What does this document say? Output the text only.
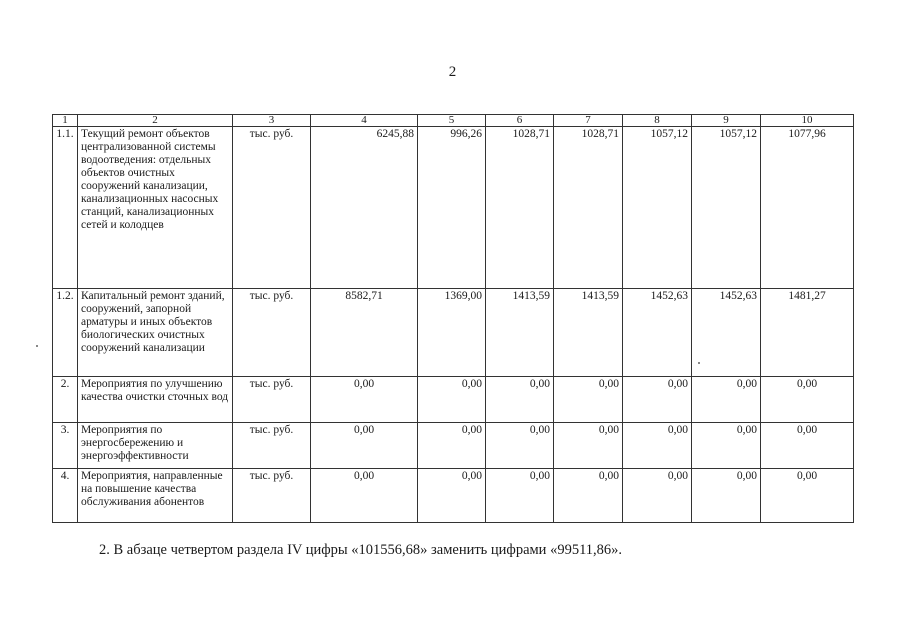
2
1	2	3	4	5	6	7	8	9	10
1.1.	Текущий ремонт объектов централизованной системы водоотведения: отдельных объектов очистных сооружений канализации, канализационных насосных станций, канализационных сетей и колодцев	тыс. руб.	6245,88	996,26	1028,71	1028,71	1057,12	1057,12	1077,96
1.2.	Капитальный ремонт зданий, сооружений, запорной арматуры и иных объектов биологических очистных сооружений канализации	тыс. руб.	8582,71	1369,00	1413,59	1413,59	1452,63	1452,63	1481,27
2.	Мероприятия по улучшению качества очистки сточных вод	тыс. руб.	0,00	0,00	0,00	0,00	0,00	0,00	0,00
3.	Мероприятия по энергосбережению и энергоэффективности	тыс. руб.	0,00	0,00	0,00	0,00	0,00	0,00	0,00
4.	Мероприятия, направленные на повышение качества обслуживания абонентов	тыс. руб.	0,00	0,00	0,00	0,00	0,00	0,00	0,00
2. В абзаце четвертом раздела IV цифры «101556,68» заменить цифрами «99511,86».
